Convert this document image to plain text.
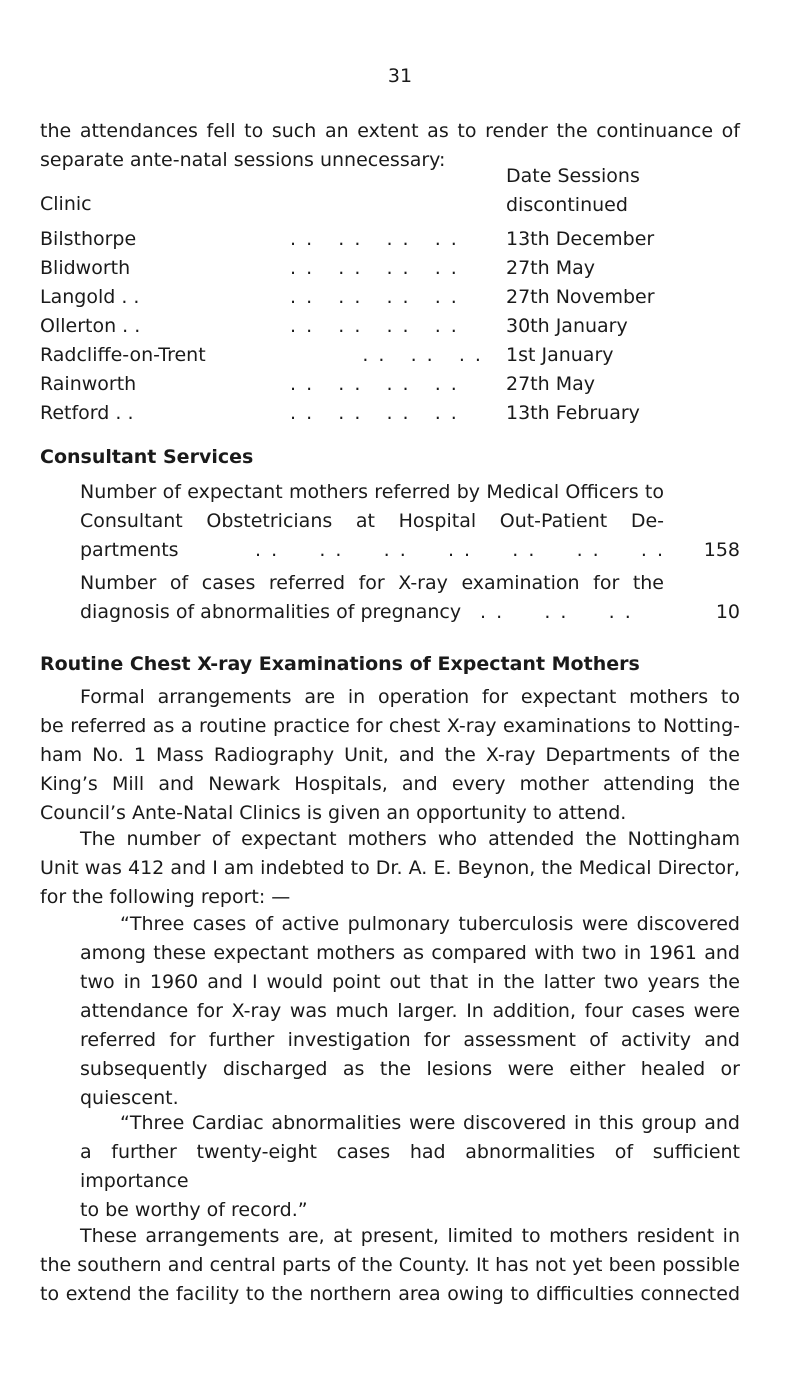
31
the attendances fell to such an extent as to render the continuance of
separate ante-natal sessions unnecessary:
Clinic
Date Sessions
discontinued
Bilsthorpe	. .   . .   . .   . . 13th December
Blidworth	. .   . .   . .   . . 27th May
Langold . .	. .   . .   . .   . . 27th November
Ollerton . .	. .   . .   . .   . . 30th January
Radcliffe-on-Trent	. .   . .   . . 1st January
Rainworth	. .   . .   . .   . . 27th May
Retford . .	. .   . .   . .   . . 13th February
Consultant Services
Number of expectant mothers referred by Medical Officers to
Consultant Obstetricians at Hospital Out-Patient De-
partments	. .     . .     . .     . .     . .     . .     . . 158
Number of cases referred for X-ray examination for the
diagnosis of abnormalities of pregnancy . .     . .     . .	10
Routine Chest X-ray Examinations of Expectant Mothers
Formal arrangements are in operation for expectant mothers to
be referred as a routine practice for chest X-ray examinations to Notting-
ham No. 1 Mass Radiography Unit, and the X-ray Departments of the
King’s Mill and Newark Hospitals, and every mother attending the
Council’s Ante-Natal Clinics is given an opportunity to attend.
The number of expectant mothers who attended the Nottingham
Unit was 412 and I am indebted to Dr. A. E. Beynon, the Medical Director,
for the following report: —
“Three cases of active pulmonary tuberculosis were discovered
among these expectant mothers as compared with two in 1961 and
two in 1960 and I would point out that in the latter two years the
attendance for X-ray was much larger. In addition, four cases were
referred for further investigation for assessment of activity and
subsequently discharged as the lesions were either healed or quiescent.
“Three Cardiac abnormalities were discovered in this group and
a further twenty-eight cases had abnormalities of sufficient importance
to be worthy of record.”
These arrangements are, at present, limited to mothers resident in
the southern and central parts of the County. It has not yet been possible
to extend the facility to the northern area owing to difficulties connected
